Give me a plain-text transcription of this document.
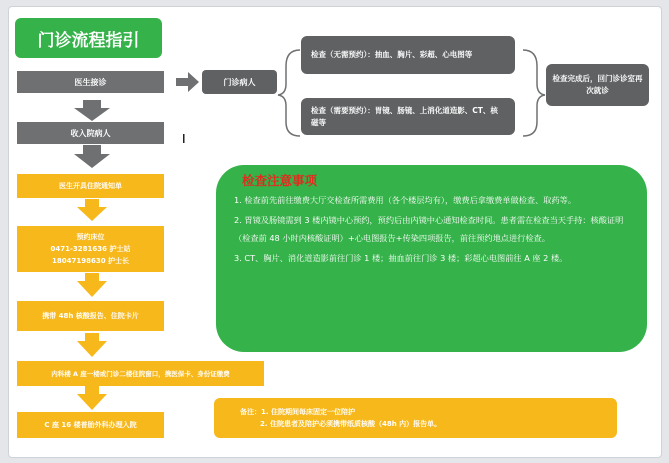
门诊流程指引
医生接诊
收入院病人
医生开具住院通知单
预约床位
0471-3281636 护士站
18047198630 护士长
携带 48h 核酸报告、住院卡片
内科楼 A 座一楼或门诊二楼住院窗口，携医保卡、身份证缴费
C 座 16 楼普胎外科办理入院
门诊病人
检查（无需预约）：抽血、胸片、彩超、心电图等
检查（需要预约）：胃镜、肠镜、上消化道造影、CT、核磁等
检查完成后，回门诊诊室再次就诊
检查注意事项
1. 检查前先前往缴费大厅交检查所需费用（各个楼层均有），缴费后拿缴费单做检查、取药等。
2. 胃镜及肠镜需到 3 楼内镜中心预约，预约后由内镜中心通知检查时间。患者需在检查当天手持：核酸证明（检查前 48 小时内核酸证明）+心电图报告+传染四项报告，前往预约地点进行检查。
3. CT、胸片、消化道造影前往门诊 1 楼；抽血前往门诊 3 楼；彩超心电图前往 A 座 2 楼。
备注：1. 住院期间每床固定一位陪护
2. 住院患者及陪护必须携带纸质核酸（48h 内）报告单。
